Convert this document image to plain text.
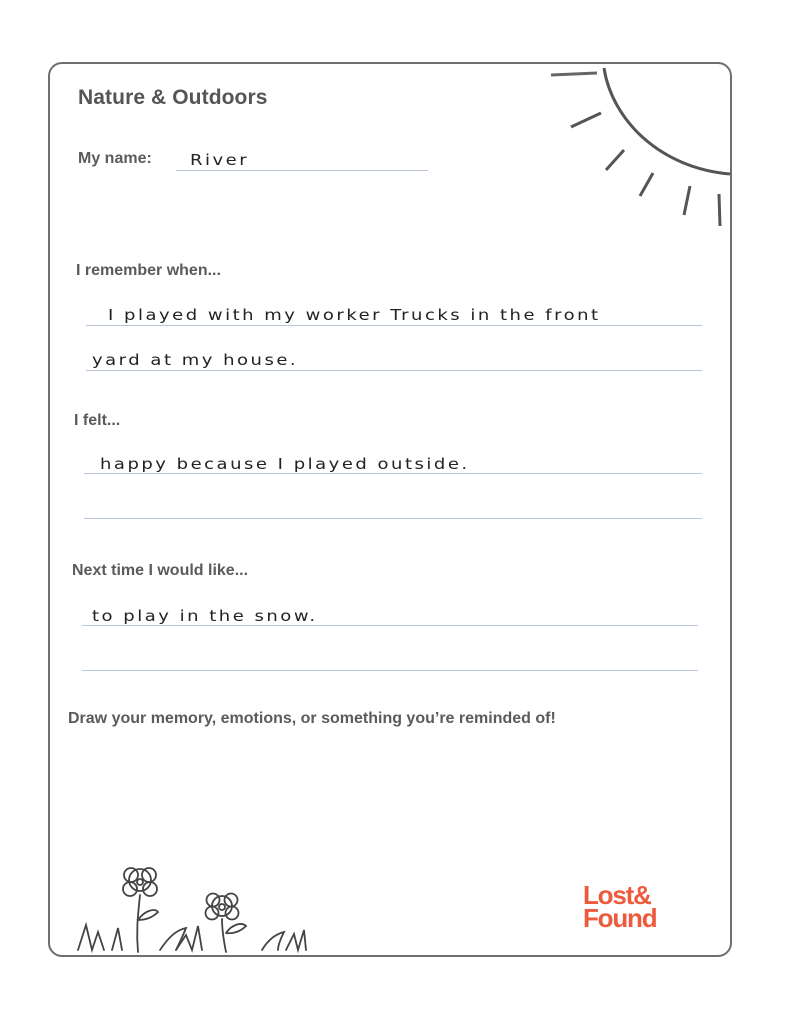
Nature & Outdoors
My name: River
I remember when...
I played with my worker Trucks in the front
yard at my house.
I felt...
happy because I played outside.
Next time I would like...
to play in the snow.
Draw your memory, emotions, or something you’re reminded of!
Lost&
Found
